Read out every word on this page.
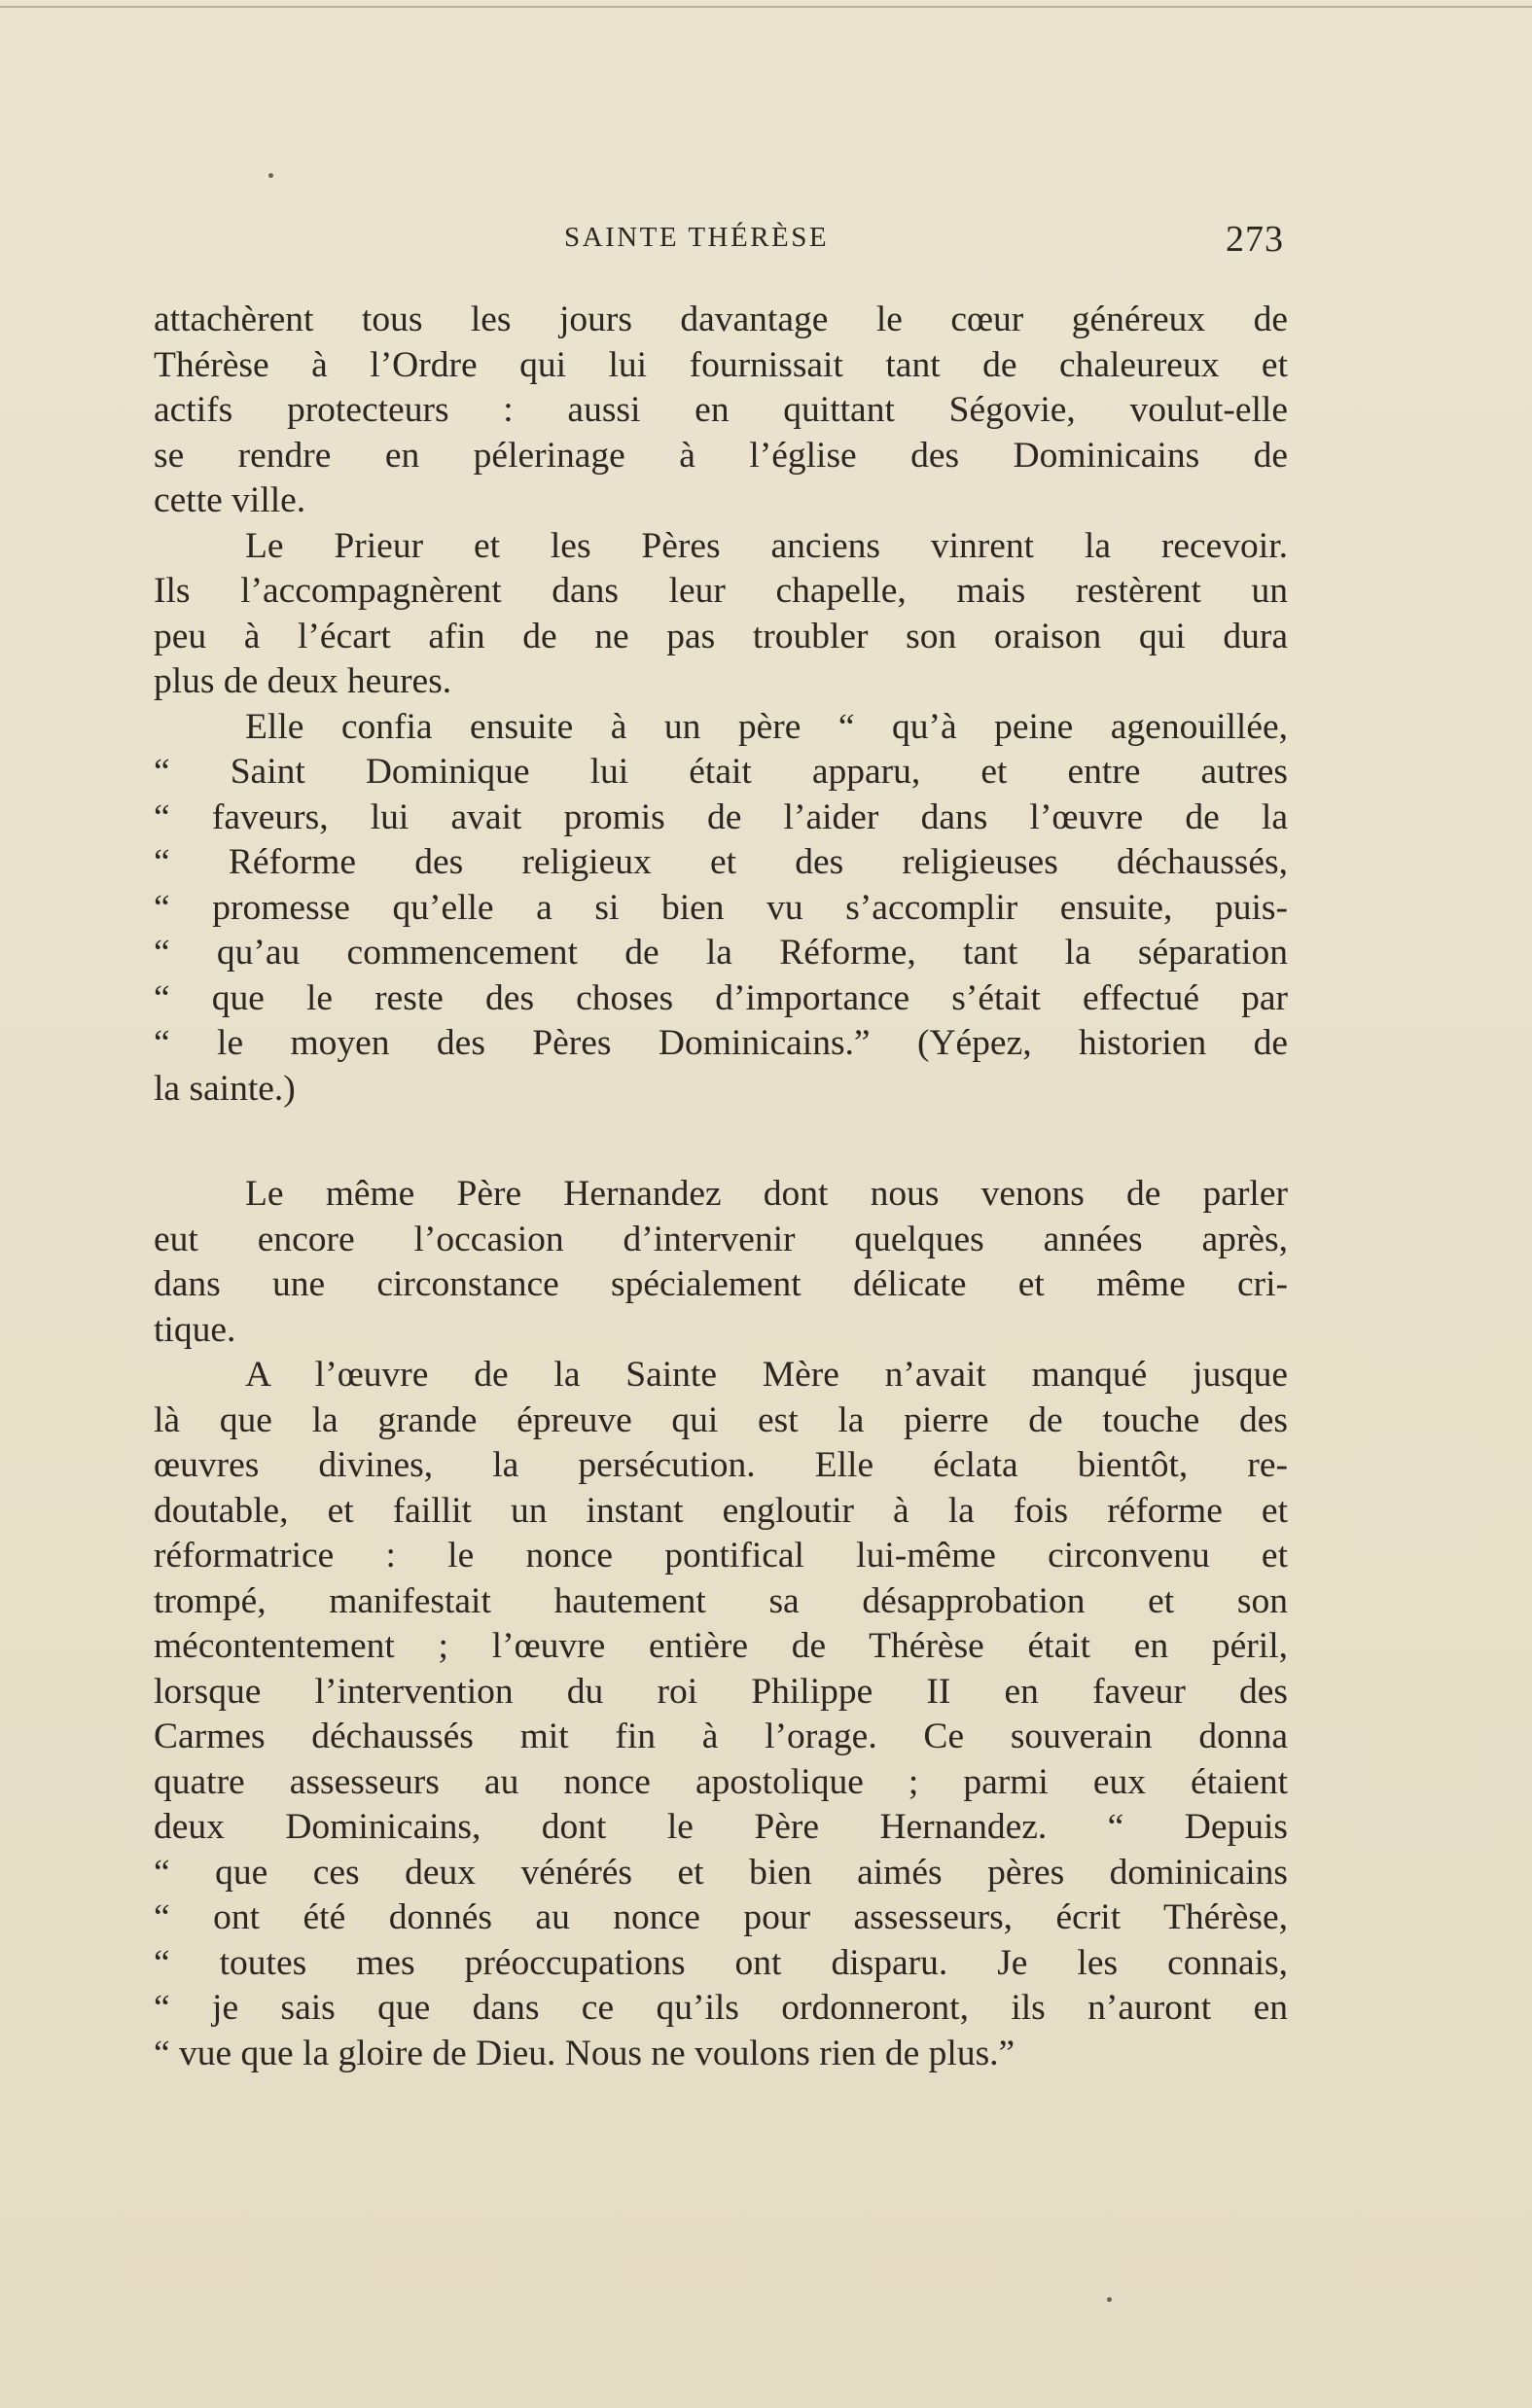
SAINTE THÉRÈSE	273
attachèrent tous les jours davantage le cœur généreux de
Thérèse à l’Ordre qui lui fournissait tant de chaleureux et
actifs protecteurs : aussi en quittant Ségovie, voulut-elle
se rendre en pélerinage à l’église des Dominicains de
cette ville.
Le Prieur et les Pères anciens vinrent la recevoir.
Ils l’accompagnèrent dans leur chapelle, mais restèrent un
peu à l’écart afin de ne pas troubler son oraison qui dura
plus de deux heures.
Elle confia ensuite à un père “ qu’à peine agenouillée,
“ Saint Dominique lui était apparu, et entre autres
“ faveurs, lui avait promis de l’aider dans l’œuvre de la
“ Réforme des religieux et des religieuses déchaussés,
“ promesse qu’elle a si bien vu s’accomplir ensuite, puis-
“ qu’au commencement de la Réforme, tant la séparation
“ que le reste des choses d’importance s’était effectué par
“ le moyen des Pères Dominicains.” (Yépez, historien de
la sainte.)
Le même Père Hernandez dont nous venons de parler
eut encore l’occasion d’intervenir quelques années après,
dans une circonstance spécialement délicate et même cri-
tique.
A l’œuvre de la Sainte Mère n’avait manqué jusque
là que la grande épreuve qui est la pierre de touche des
œuvres divines, la persécution. Elle éclata bientôt, re-
doutable, et faillit un instant engloutir à la fois réforme et
réformatrice : le nonce pontifical lui-même circonvenu et
trompé, manifestait hautement sa désapprobation et son
mécontentement ; l’œuvre entière de Thérèse était en péril,
lorsque l’intervention du roi Philippe II en faveur des
Carmes déchaussés mit fin à l’orage. Ce souverain donna
quatre assesseurs au nonce apostolique ; parmi eux étaient
deux Dominicains, dont le Père Hernandez. “ Depuis
“ que ces deux vénérés et bien aimés pères dominicains
“ ont été donnés au nonce pour assesseurs, écrit Thérèse,
“ toutes mes préoccupations ont disparu. Je les connais,
“ je sais que dans ce qu’ils ordonneront, ils n’auront en
“ vue que la gloire de Dieu. Nous ne voulons rien de plus.”
